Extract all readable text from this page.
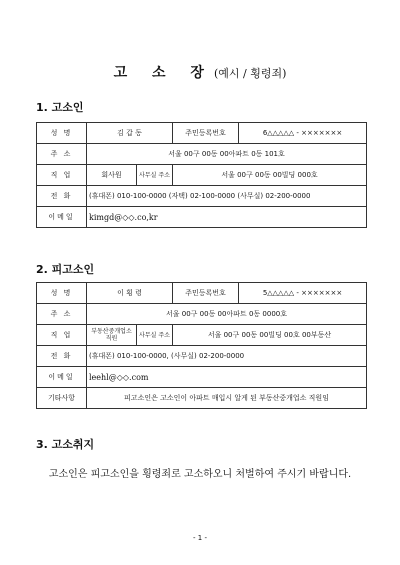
고 소 장(예시 / 횡령죄)
1. 고소인
성 명	김 갑 동		주민등록번호	6△△△△△ - ×××××××
주 소	서울 00구 00동 00아파트 0동 101호			
직 업	회사원	사무실 주소	서울 00구 00동 00빌딩 000호	
전 화	(휴대폰) 010-100-0000 (자택) 02-100-0000 (사무실) 02-200-0000			
이메일	kimgd@◇◇.co,kr			
2. 피고소인
성 명	이 횡 령		주민등록번호	5△△△△△ - ×××××××
주 소	서울 00구 00동 00아파트 0동 0000호			
직 업	부동산중개업소 직원	사무실 주소	서울 00구 00동 00빌딩 00호 00부동산	
전 화	(휴대폰) 010-100-0000, (사무실) 02-200-0000			
이메일	leehl@◇◇.com			
기타사항	피고소인은 고소인이 아파트 매입시 알게 된 부동산중개업소 직원임			
3. 고소취지
고소인은 피고소인을 횡령죄로 고소하오니 처벌하여 주시기 바랍니다.
- 1 -
